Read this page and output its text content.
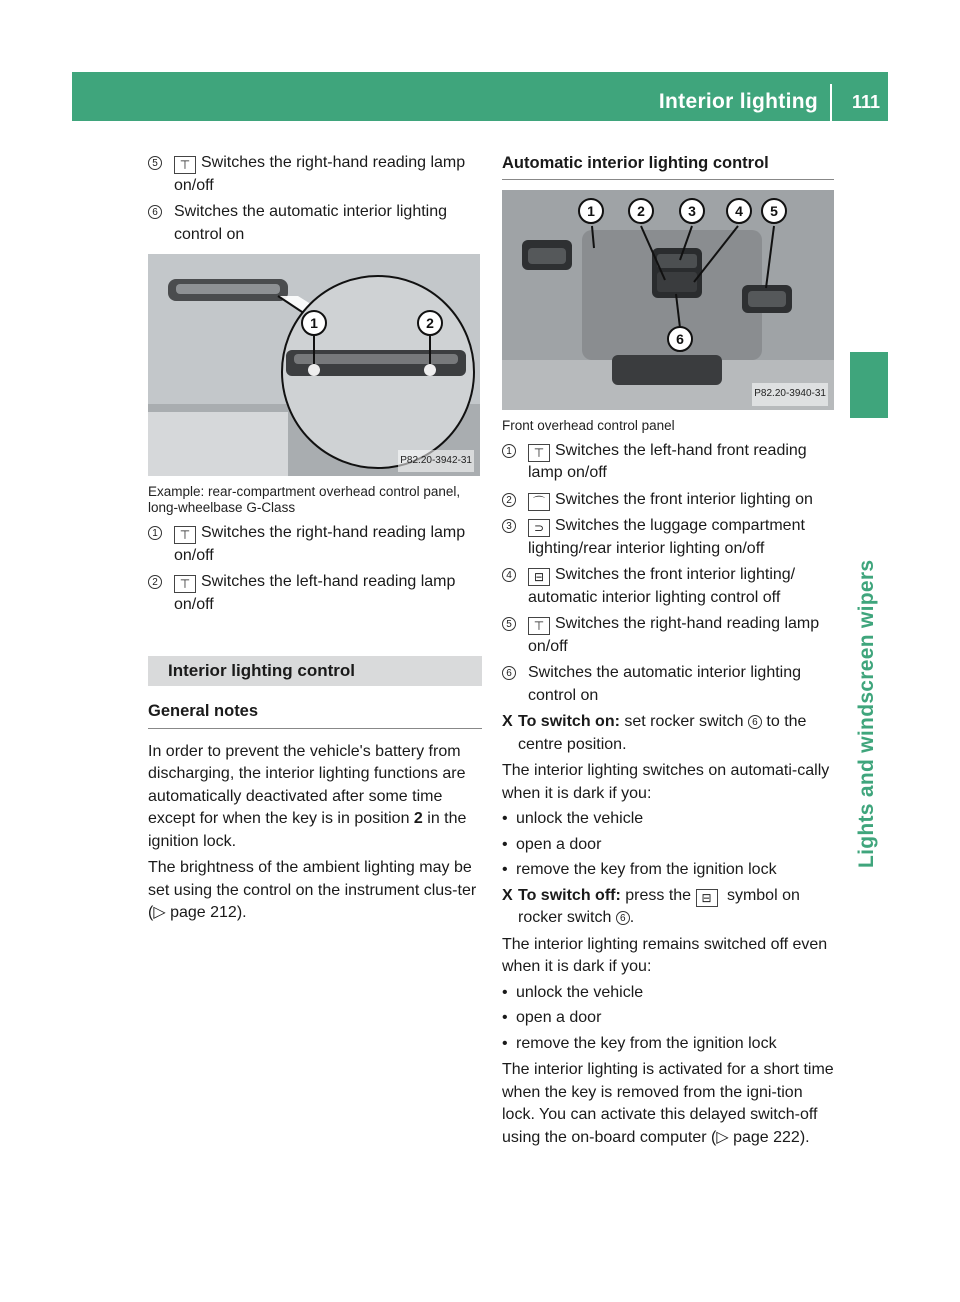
Interior lighting 111
Lights and windscreen wipers
5	⊤ Switches the right-hand reading lamp on/off
6	Switches the automatic interior lighting control on
1	2
P82.20-3942-31
Example: rear-compartment overhead control panel, long-wheelbase G-Class
1	⊤ Switches the right-hand reading lamp on/off
2	⊤ Switches the left-hand reading lamp on/off
Interior lighting control
General notes

In order to prevent the vehicle's battery from discharging, the interior lighting functions are automatically deactivated after some time except for when the key is in position 2 in the ignition lock.

The brightness of the ambient lighting may be set using the control on the instrument clus-ter (▷ page 212).

Automatic interior lighting control
1	2	3	4	5
6
P82.20-3940-31
Front overhead control panel
1	⊤ Switches the left-hand front reading lamp on/off
2	⌒ Switches the front interior lighting on
3	⊃ Switches the luggage compartment lighting/rear interior lighting on/off
4	⊟ Switches the front interior lighting/ automatic interior lighting control off
5	⊤ Switches the right-hand reading lamp on/off
6	Switches the automatic interior lighting control on
X To switch on: set rocker switch 6 to the centre position.

The interior lighting switches on automati-cally when it is dark if you:

• unlock the vehicle
• open a door
• remove the key from the ignition lock
X To switch off: press the ⊟ symbol on rocker switch 6 .

The interior lighting remains switched off even when it is dark if you:

• unlock the vehicle
• open a door
• remove the key from the ignition lock

The interior lighting is activated for a short time when the key is removed from the igni-tion lock. You can activate this delayed switch-off using the on-board computer (▷ page 222).
